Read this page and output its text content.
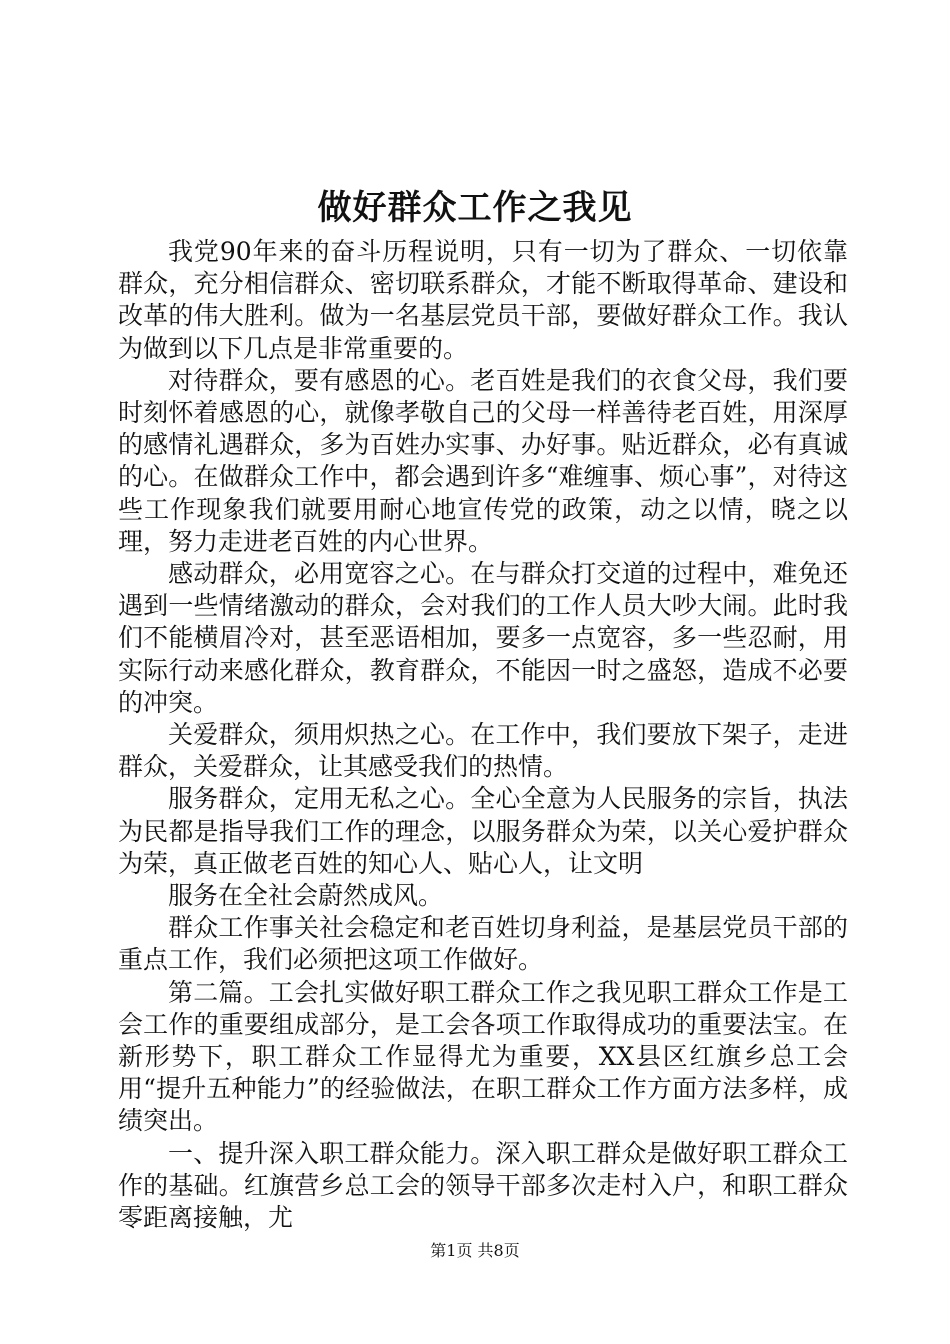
做好群众工作之我见

我党90年来的奋斗历程说明，只有一切为了群众、一切依靠群众，充分相信群众、密切联系群众，才能不断取得革命、建设和改革的伟大胜利。做为一名基层党员干部，要做好群众工作。我认为做到以下几点是非常重要的。

对待群众，要有感恩的心。老百姓是我们的衣食父母，我们要时刻怀着感恩的心，就像孝敬自己的父母一样善待老百姓，用深厚的感情礼遇群众，多为百姓办实事、办好事。贴近群众，必有真诚的心。在做群众工作中，都会遇到许多“难缠事、烦心事”，对待这些工作现象我们就要用耐心地宣传党的政策，动之以情，晓之以理，努力走进老百姓的内心世界。

感动群众，必用宽容之心。在与群众打交道的过程中，难免还遇到一些情绪激动的群众，会对我们的工作人员大吵大闹。此时我们不能横眉冷对，甚至恶语相加，要多一点宽容，多一些忍耐，用实际行动来感化群众，教育群众，不能因一时之盛怒，造成不必要的冲突。

关爱群众，须用炽热之心。在工作中，我们要放下架子，走进群众，关爱群众，让其感受我们的热情。

服务群众，定用无私之心。全心全意为人民服务的宗旨，执法为民都是指导我们工作的理念，以服务群众为荣，以关心爱护群众为荣，真正做老百姓的知心人、贴心人，让文明

服务在全社会蔚然成风。

群众工作事关社会稳定和老百姓切身利益，是基层党员干部的重点工作，我们必须把这项工作做好。

第二篇。工会扎实做好职工群众工作之我见职工群众工作是工会工作的重要组成部分，是工会各项工作取得成功的重要法宝。在新形势下，职工群众工作显得尤为重要，XX县区红旗乡总工会用“提升五种能力”的经验做法，在职工群众工作方面方法多样，成绩突出。

一、提升深入职工群众能力。深入职工群众是做好职工群众工作的基础。红旗营乡总工会的领导干部多次走村入户，和职工群众零距离接触，尤

第1页 共8页
